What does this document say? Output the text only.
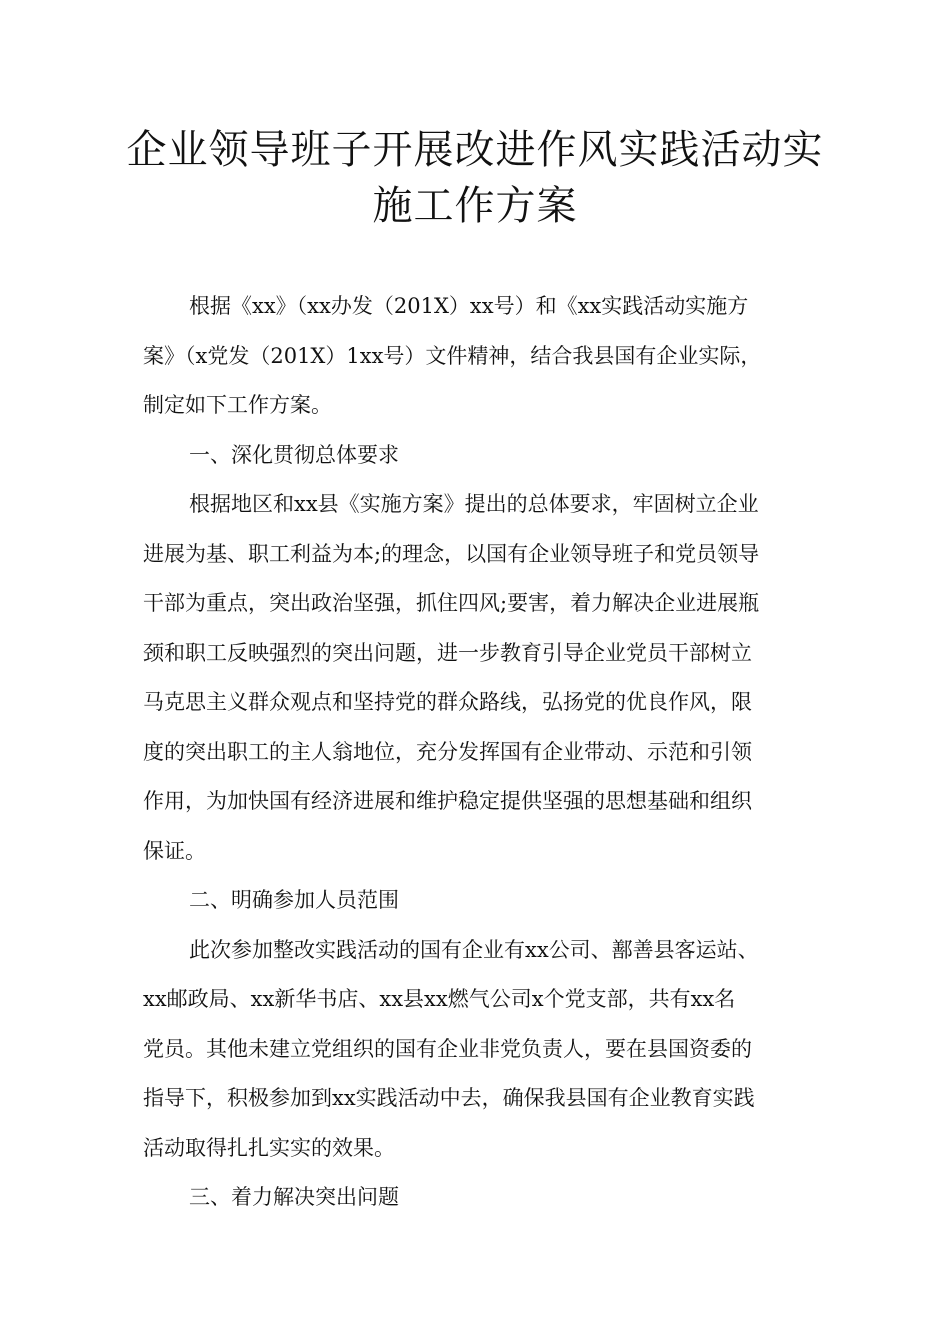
企业领导班子开展改进作风实践活动实
施工作方案
根据《xx》（xx办发（201X）xx号）和《xx实践活动实施方
案》（x党发（201X）1xx号）文件精神，结合我县国有企业实际，
制定如下工作方案。
一、深化贯彻总体要求
根据地区和xx县《实施方案》提出的总体要求，牢固树立企业
进展为基、职工利益为本;的理念，以国有企业领导班子和党员领导
干部为重点，突出政治坚强，抓住四风;要害，着力解决企业进展瓶
颈和职工反映强烈的突出问题，进一步教育引导企业党员干部树立
马克思主义群众观点和坚持党的群众路线，弘扬党的优良作风，限
度的突出职工的主人翁地位，充分发挥国有企业带动、示范和引领
作用，为加快国有经济进展和维护稳定提供坚强的思想基础和组织
保证。
二、明确参加人员范围
此次参加整改实践活动的国有企业有xx公司、鄯善县客运站、
xx邮政局、xx新华书店、xx县xx燃气公司x个党支部，共有xx名
党员。其他未建立党组织的国有企业非党负责人，要在县国资委的
指导下，积极参加到xx实践活动中去，确保我县国有企业教育实践
活动取得扎扎实实的效果。
三、着力解决突出问题
